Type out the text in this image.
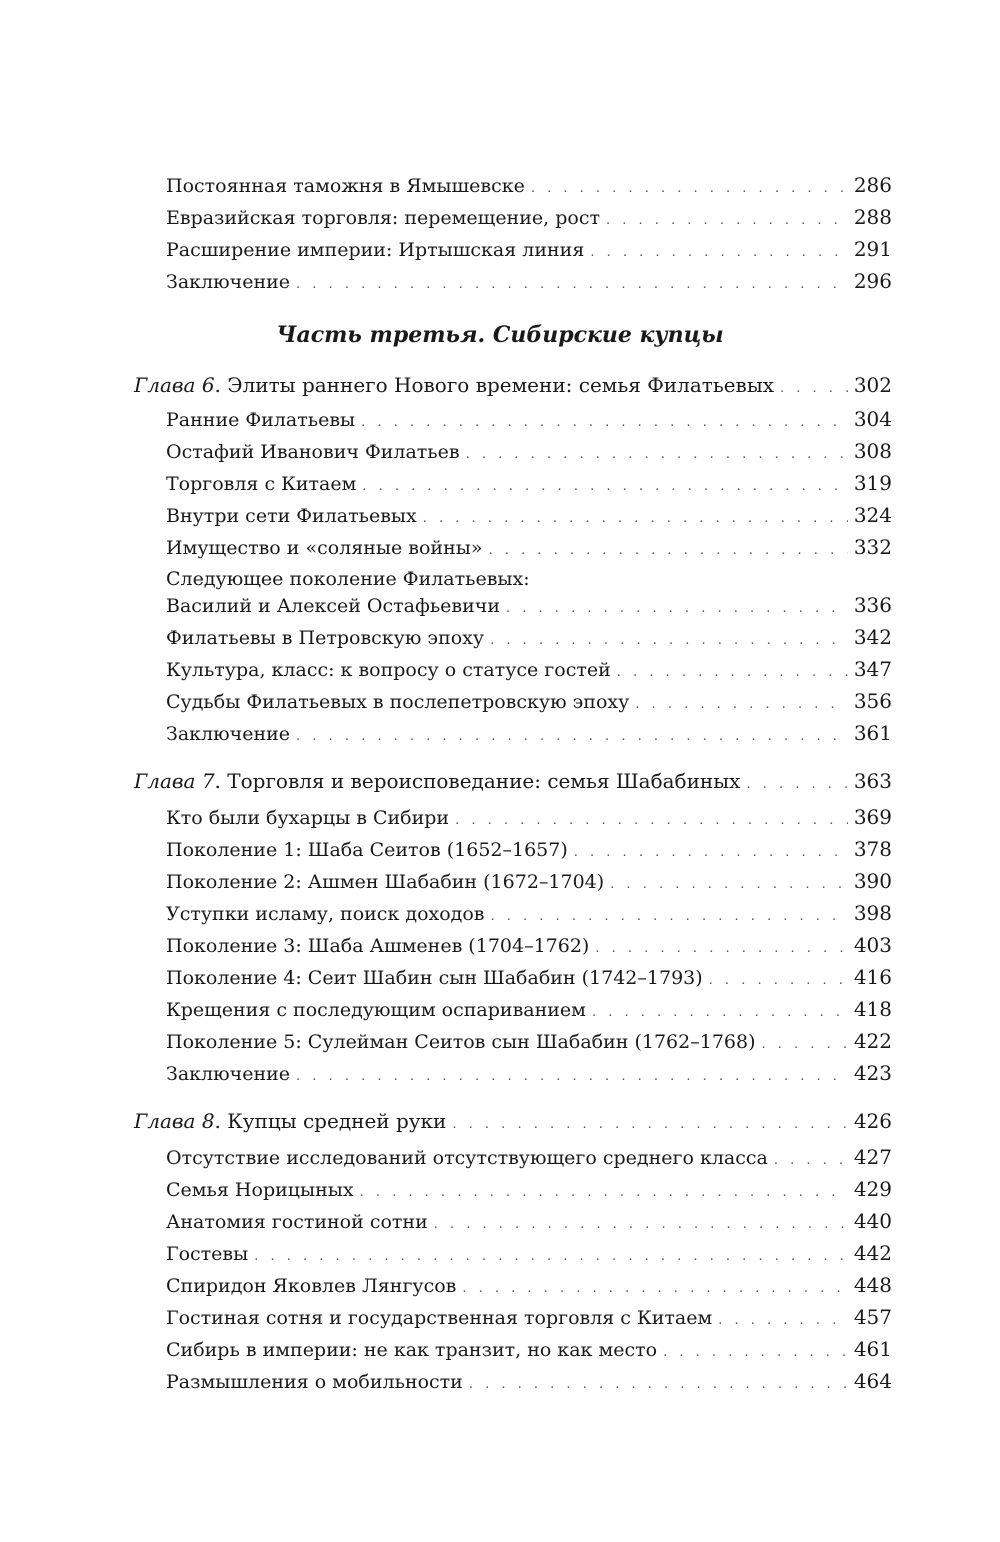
Постоянная таможня в Ямышевске . . .	286
Евразийская торговля: перемещение, рост . . .	288
Расширение империи: Иртышская линия . . .	291
Заключение . . .	296
Часть третья. Сибирские купцы
Глава 6. Элиты раннего Нового времени: семья Филатьевых . . .	302
Ранние Филатьевы . . .	304
Остафий Иванович Филатьев . . .	308
Торговля с Китаем . . .	319
Внутри сети Филатьевых . . .	324
Имущество и «соляные войны» . . .	332
Следующее поколение Филатьевых:
Василий и Алексей Остафьевичи . . .	336
Филатьевы в Петровскую эпоху . . .	342
Культура, класс: к вопросу о статусе гостей . . .	347
Судьбы Филатьевых в послепетровскую эпоху . . .	356
Заключение . . .	361
Глава 7. Торговля и вероисповедание: семья Шабабиных . . .	363
Кто были бухарцы в Сибири . . .	369
Поколение 1: Шаба Сеитов (1652–1657) . . .	378
Поколение 2: Ашмен Шабабин (1672–1704) . . .	390
Уступки исламу, поиск доходов . . .	398
Поколение 3: Шаба Ашменев (1704–1762) . . .	403
Поколение 4: Сеит Шабин сын Шабабин (1742–1793) . . .	416
Крещения с последующим оспариванием . . .	418
Поколение 5: Сулейман Сеитов сын Шабабин (1762–1768) . . .	422
Заключение . . .	423
Глава 8. Купцы средней руки . . .	426
Отсутствие исследований отсутствующего среднего класса . . .	427
Семья Норицыных . . .	429
Анатомия гостиной сотни . . .	440
Гостевы . . .	442
Спиридон Яковлев Лянгусов . . .	448
Гостиная сотня и государственная торговля с Китаем . . .	457
Сибирь в империи: не как транзит, но как место . . .	461
Размышления о мобильности . . .	464
